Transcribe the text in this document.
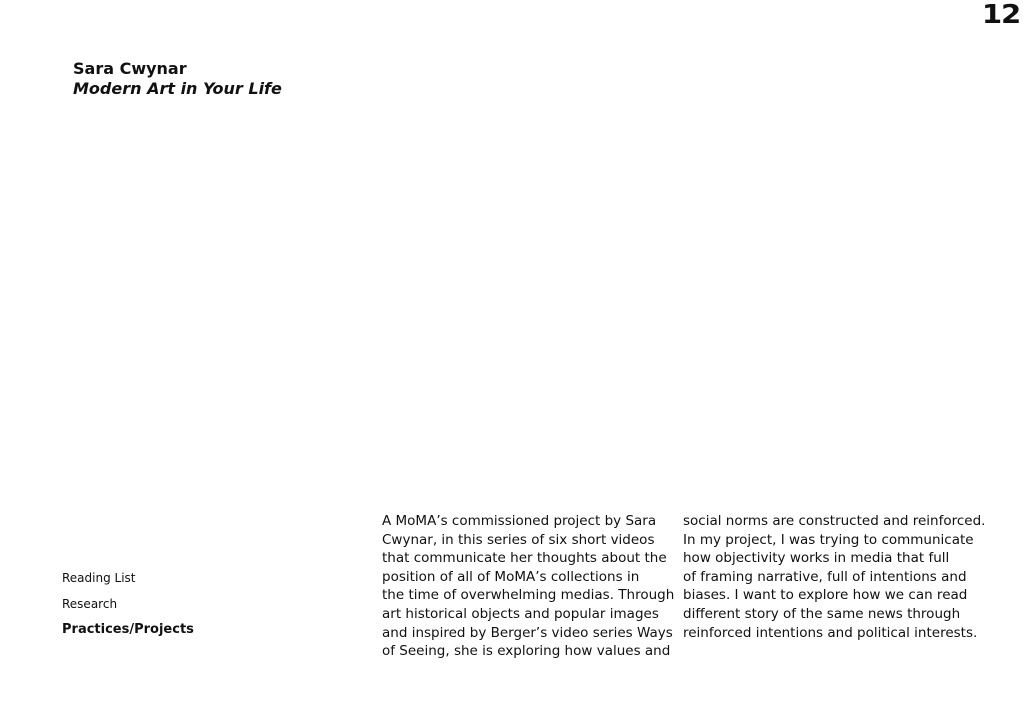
12
Sara Cwynar
Modern Art in Your Life
Reading List
Research
Practices/Projects
A MoMA’s commissioned project by Sara
Cwynar, in this series of six short videos
that communicate her thoughts about the
position of all of MoMA’s collections in
the time of overwhelming medias. Through
art historical objects and popular images
and inspired by Berger’s video series Ways
of Seeing, she is exploring how values and
social norms are constructed and reinforced.
In my project, I was trying to communicate
how objectivity works in media that full
of framing narrative, full of intentions and
biases. I want to explore how we can read
different story of the same news through
reinforced intentions and political interests.
